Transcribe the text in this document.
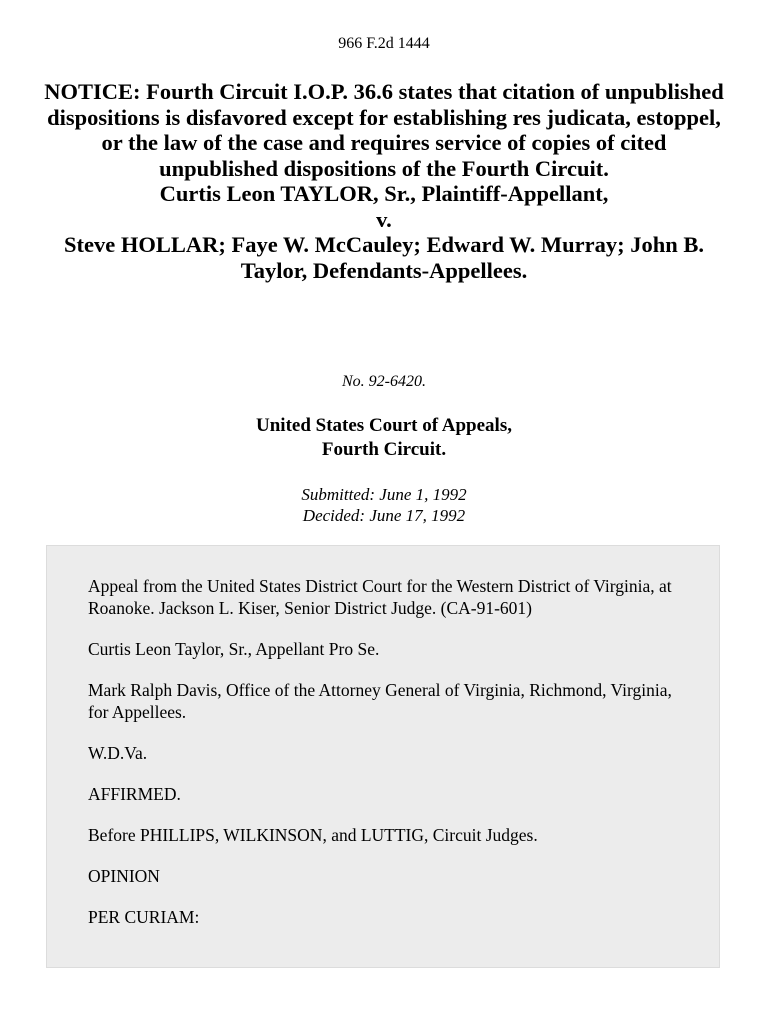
966 F.2d 1444
NOTICE: Fourth Circuit I.O.P. 36.6 states that citation of unpublished dispositions is disfavored except for establishing res judicata, estoppel, or the law of the case and requires service of copies of cited unpublished dispositions of the Fourth Circuit.
Curtis Leon TAYLOR, Sr., Plaintiff-Appellant,
v.
Steve HOLLAR; Faye W. McCauley; Edward W. Murray; John B.
Taylor, Defendants-Appellees.
No. 92-6420.
United States Court of Appeals,
Fourth Circuit.
Submitted: June 1, 1992
Decided: June 17, 1992

Appeal from the United States District Court for the Western District of Virginia, at Roanoke. Jackson L. Kiser, Senior District Judge. (CA-91-601)

Curtis Leon Taylor, Sr., Appellant Pro Se.

Mark Ralph Davis, Office of the Attorney General of Virginia, Richmond, Virginia, for Appellees.

W.D.Va.

AFFIRMED.

Before PHILLIPS, WILKINSON, and LUTTIG, Circuit Judges.

OPINION

PER CURIAM:
